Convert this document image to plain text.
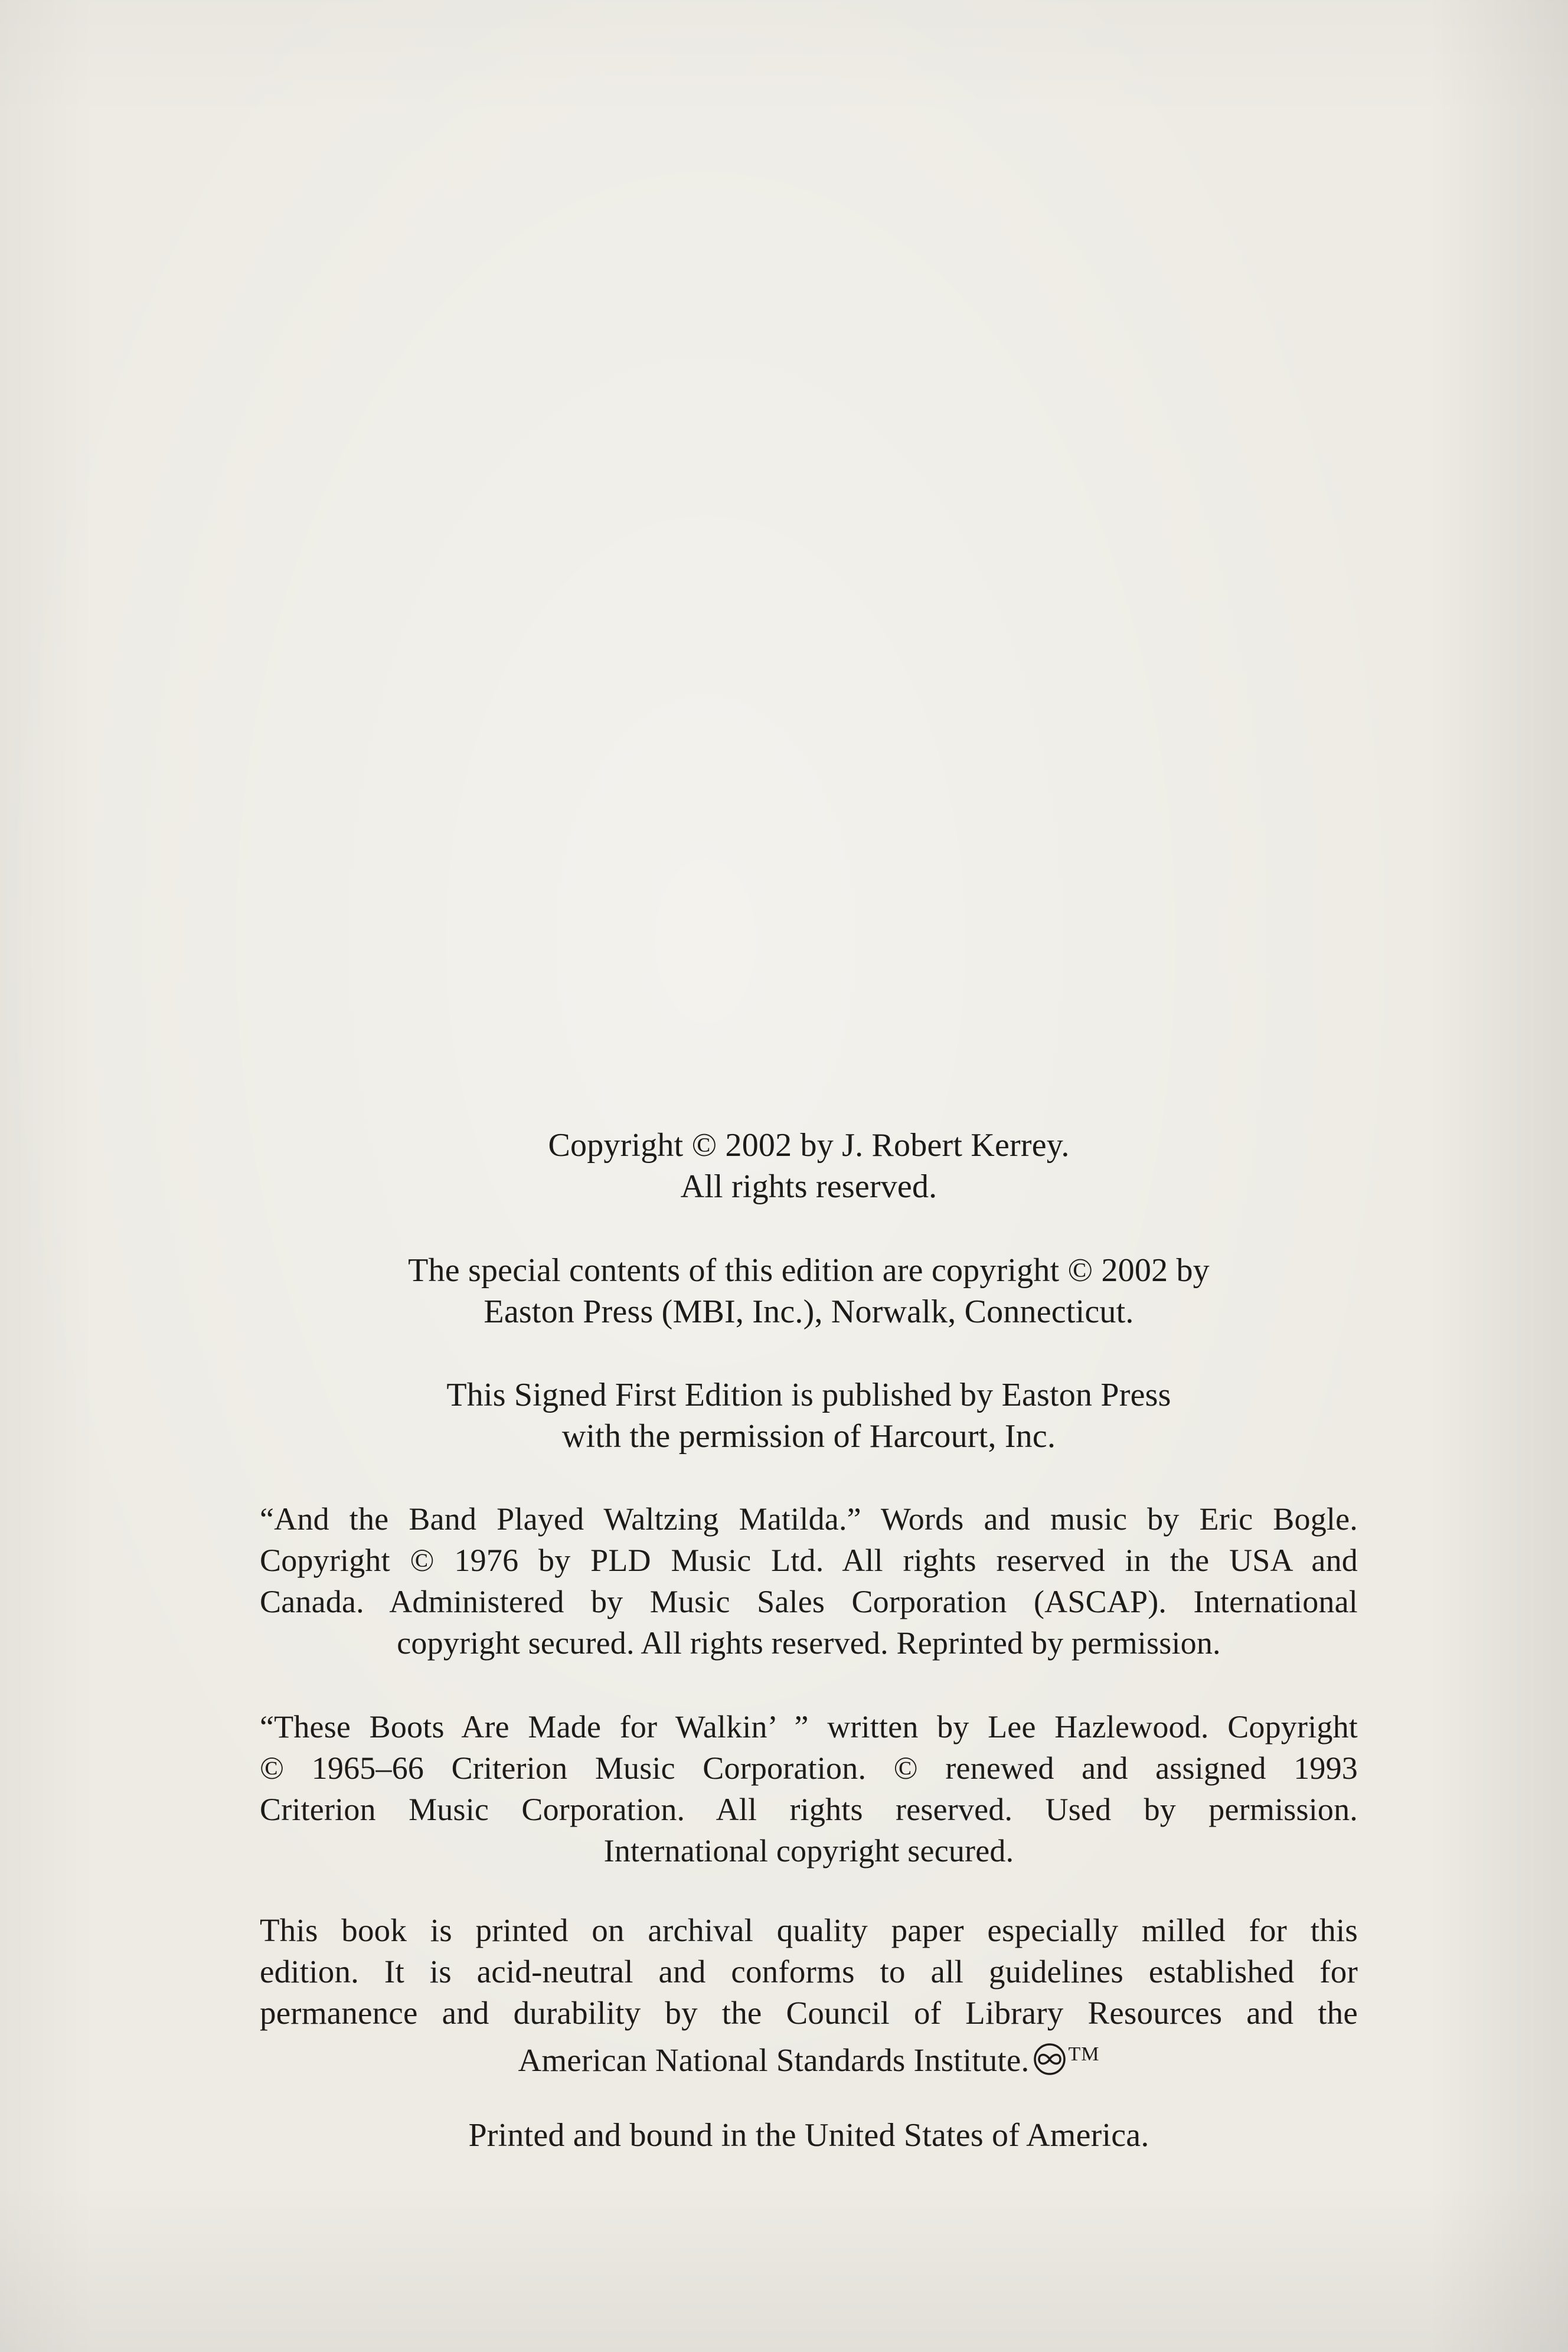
Copyright © 2002 by J. Robert Kerrey.
All rights reserved.
The special contents of this edition are copyright © 2002 by
Easton Press (MBI, Inc.), Norwalk, Connecticut.
This Signed First Edition is published by Easton Press
with the permission of Harcourt, Inc.
“And the Band Played Waltzing Matilda.” Words and music by Eric Bogle.
Copyright © 1976 by PLD Music Ltd. All rights reserved in the USA and
Canada. Administered by Music Sales Corporation (ASCAP). International
copyright secured. All rights reserved. Reprinted by permission.
“These Boots Are Made for Walkin’ ” written by Lee Hazlewood. Copyright
© 1965–66 Criterion Music Corporation. © renewed and assigned 1993
Criterion Music Corporation. All rights reserved. Used by permission.
International copyright secured.
This book is printed on archival quality paper especially milled for this
edition. It is acid-neutral and conforms to all guidelines established for
permanence and durability by the Council of Library Resources and the
American National Standards Institute. ™
Printed and bound in the United States of America.
